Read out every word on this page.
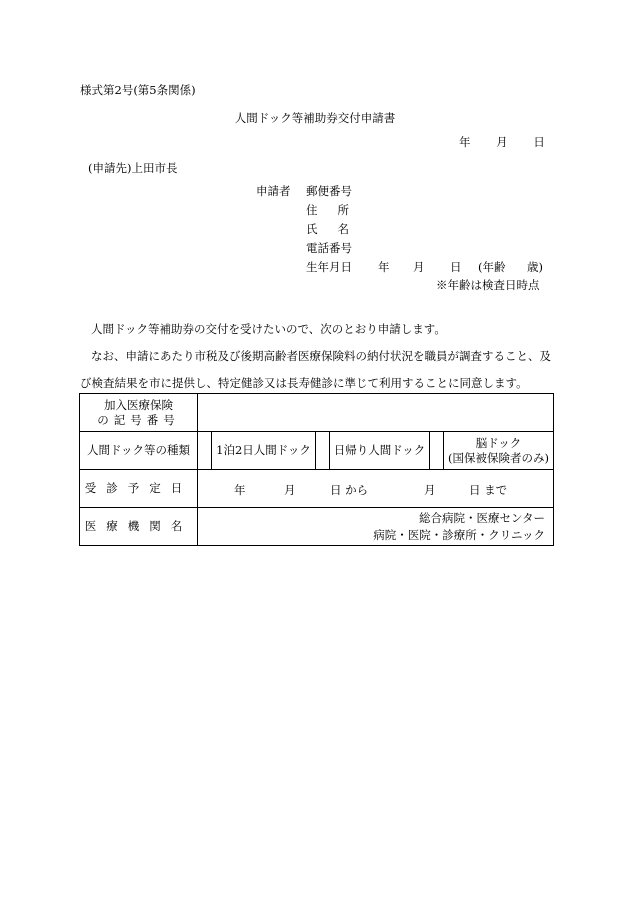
様式第2号(第5条関係)
人間ドック等補助券交付申請書
年 月 日
(申請先)上田市長
申請者 郵便番号
住所
氏名
電話番号
生年月日 年 月 日 (年齢 歳)
※年齢は検査日時点

人間ドック等補助券の交付を受けたいので、次のとおり申請します。

なお、申請にあたり市税及び後期高齢者医療保険料の納付状況を職員が調査すること、及び検査結果を市に提供し、特定健診又は長寿健診に準じて利用することに同意します。

加入医療保険
の記号番号						

人間ドック等の種類		1泊2日人間ドック		日帰り人間ドック		脳ドック
(国保被保険者のみ)

受診予定日	年 月 日 から 月 日 まで					

医療機関名	総合病院・医療センター
病院・医院・診療所・クリニック					
